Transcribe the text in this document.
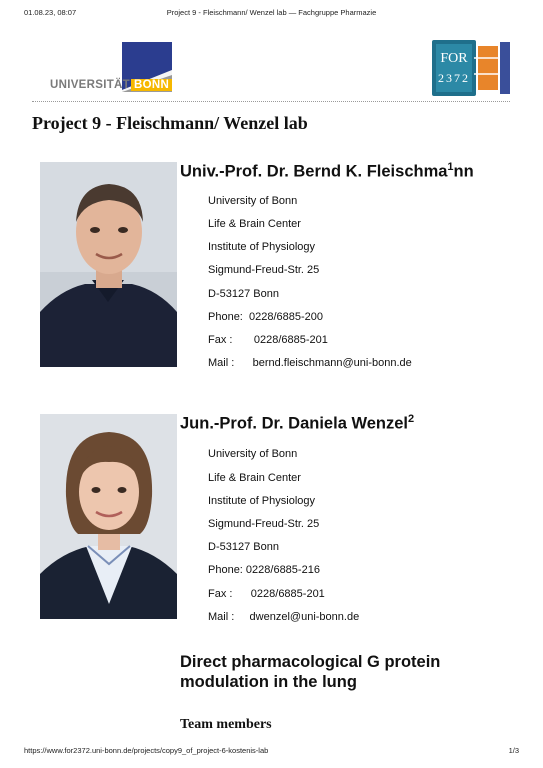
01.08.23, 08:07	Project 9 - Fleischmann/ Wenzel lab — Fachgruppe Pharmazie
UNIVERSITÄT BONN
FOR
2372
Project 9 - Fleischmann/ Wenzel lab
Univ.-Prof. Dr. Bernd K. Fleischma$^1$nn
University of Bonn
Life & Brain Center
Institute of Physiology
Sigmund-Freud-Str. 25
D-53127 Bonn
Phone:  0228/6885-200
Fax :       0228/6885-201
Mail :      bernd.fleischmann@uni-bonn.de
Jun.-Prof. Dr. Daniela Wenzel$^2$
University of Bonn
Life & Brain Center
Institute of Physiology
Sigmund-Freud-Str. 25
D-53127 Bonn
Phone: 0228/6885-216
Fax :      0228/6885-201
Mail :     dwenzel@uni-bonn.de
Direct pharmacological G protein modulation in the lung
Team members
https://www.for2372.uni-bonn.de/projects/copy9_of_project-6-kostenis-lab	1/3
